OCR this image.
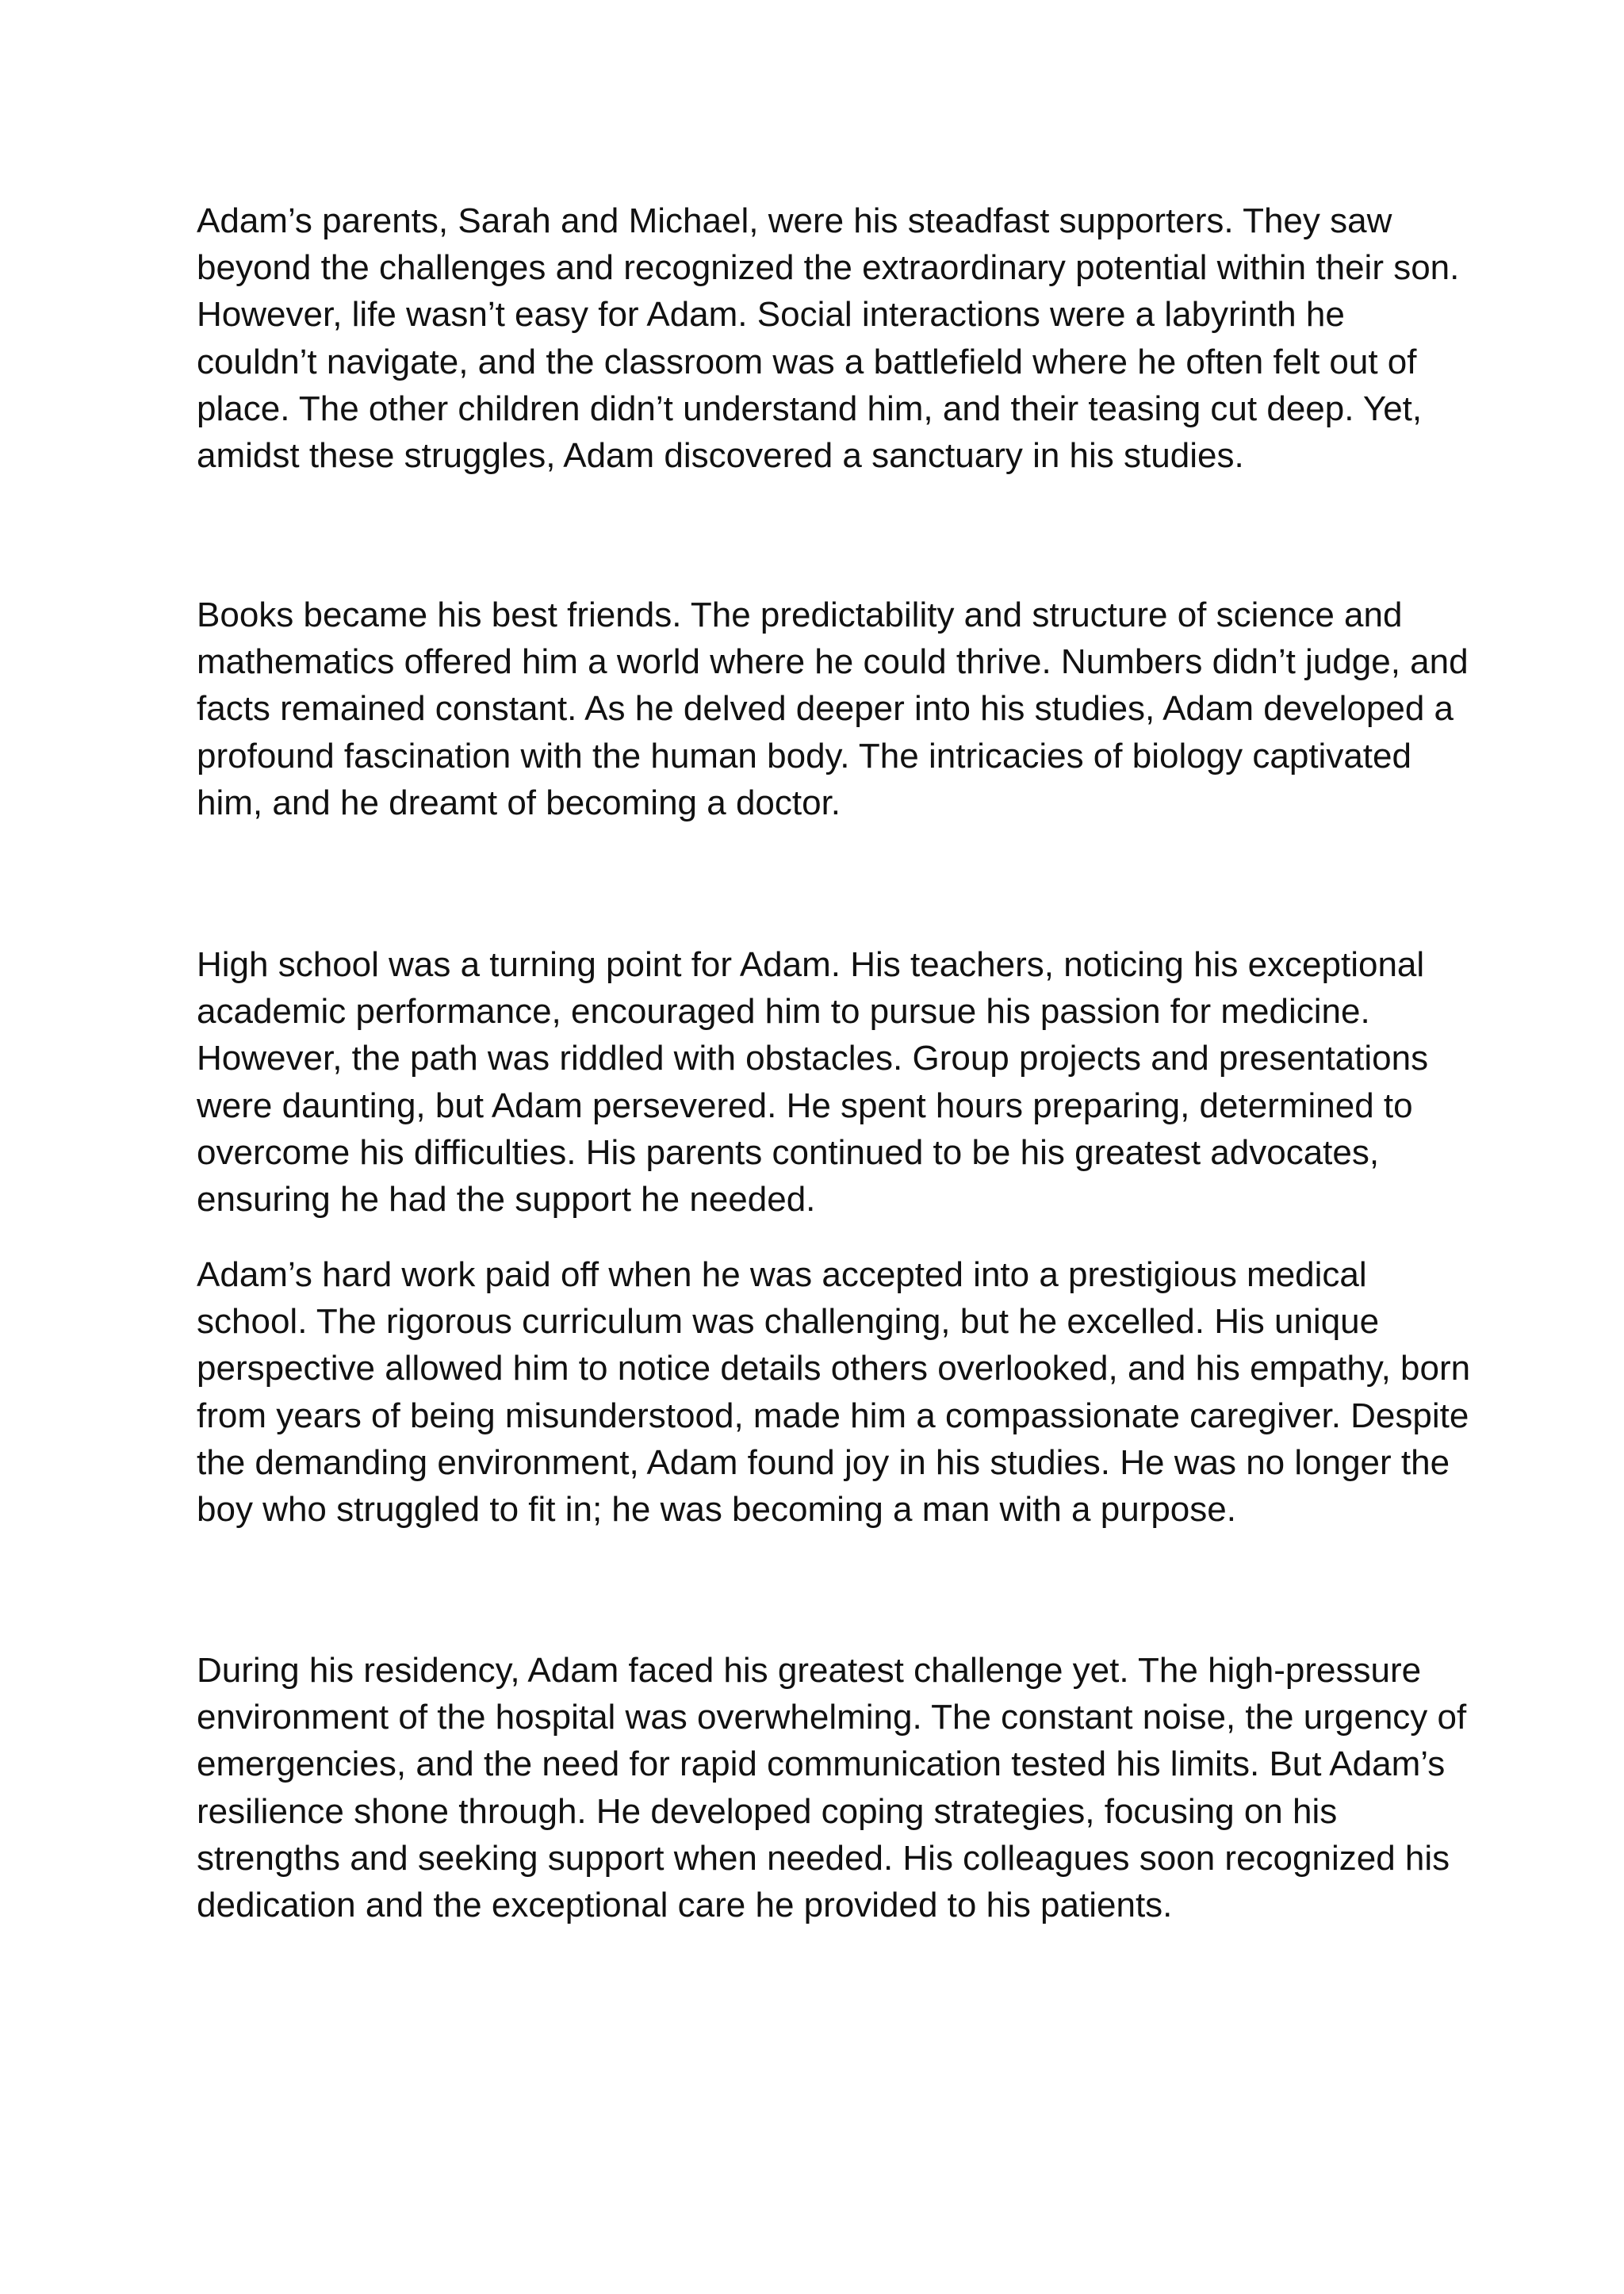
Adam’s parents, Sarah and Michael, were his steadfast supporters. They saw
beyond the challenges and recognized the extraordinary potential within their son.
However, life wasn’t easy for Adam. Social interactions were a labyrinth he
couldn’t navigate, and the classroom was a battlefield where he often felt out of
place. The other children didn’t understand him, and their teasing cut deep. Yet,
amidst these struggles, Adam discovered a sanctuary in his studies.

Books became his best friends. The predictability and structure of science and
mathematics offered him a world where he could thrive. Numbers didn’t judge, and
facts remained constant. As he delved deeper into his studies, Adam developed a
profound fascination with the human body. The intricacies of biology captivated
him, and he dreamt of becoming a doctor.

High school was a turning point for Adam. His teachers, noticing his exceptional
academic performance, encouraged him to pursue his passion for medicine.
However, the path was riddled with obstacles. Group projects and presentations
were daunting, but Adam persevered. He spent hours preparing, determined to
overcome his difficulties. His parents continued to be his greatest advocates,
ensuring he had the support he needed.

Adam’s hard work paid off when he was accepted into a prestigious medical
school. The rigorous curriculum was challenging, but he excelled. His unique
perspective allowed him to notice details others overlooked, and his empathy, born
from years of being misunderstood, made him a compassionate caregiver. Despite
the demanding environment, Adam found joy in his studies. He was no longer the
boy who struggled to fit in; he was becoming a man with a purpose.

During his residency, Adam faced his greatest challenge yet. The high-pressure
environment of the hospital was overwhelming. The constant noise, the urgency of
emergencies, and the need for rapid communication tested his limits. But Adam’s
resilience shone through. He developed coping strategies, focusing on his
strengths and seeking support when needed. His colleagues soon recognized his
dedication and the exceptional care he provided to his patients.
